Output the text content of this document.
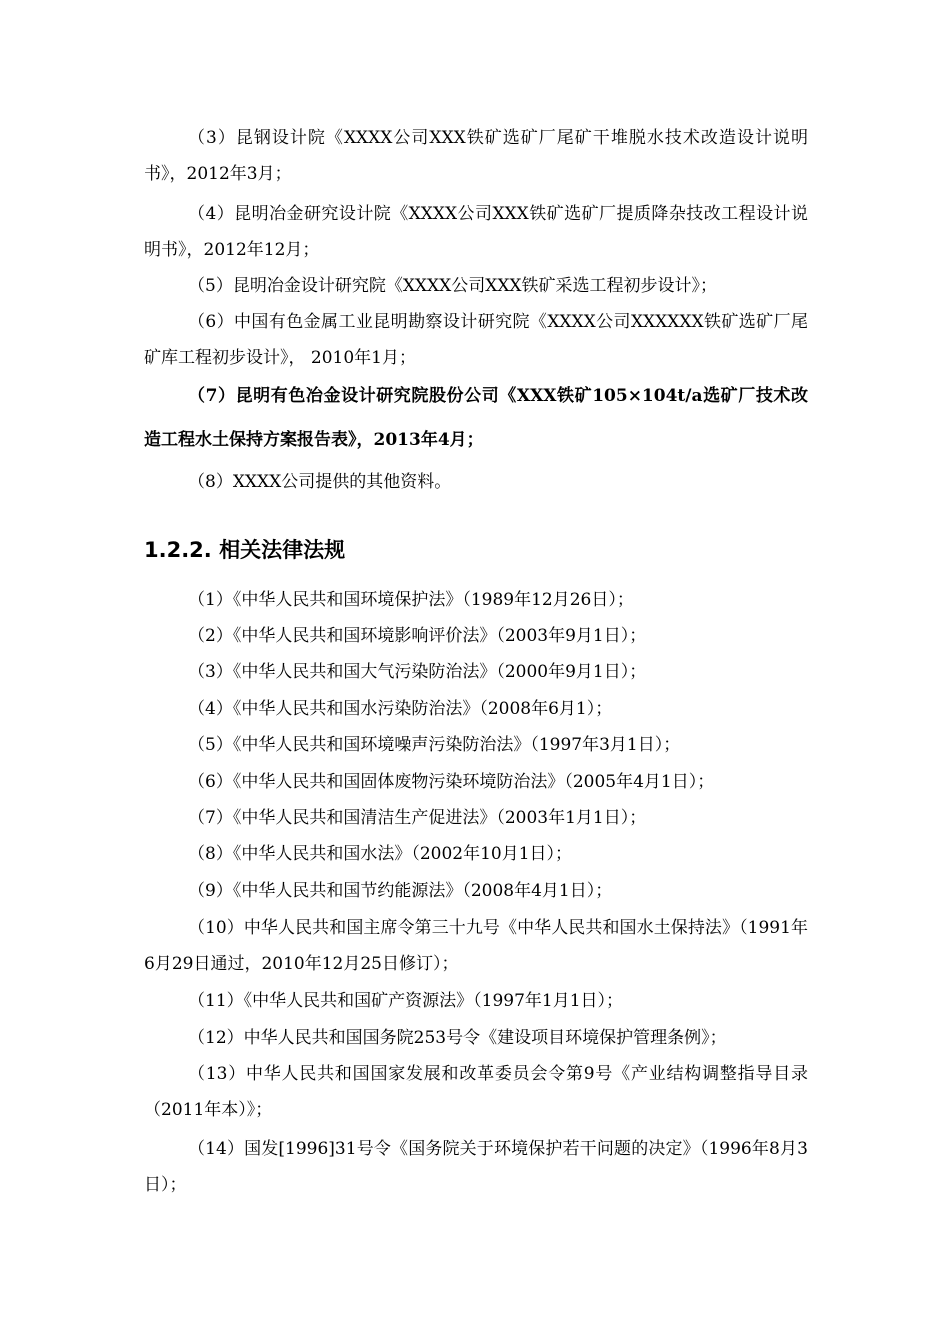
（3）昆钢设计院《XXXX公司XXX铁矿选矿厂尾矿干堆脱水技术改造设计说明书》，2012年3月；
（4）昆明冶金研究设计院《XXXX公司XXX铁矿选矿厂提质降杂技改工程设计说明书》，2012年12月；
（5）昆明冶金设计研究院《XXXX公司XXX铁矿采选工程初步设计》；
（6）中国有色金属工业昆明勘察设计研究院《XXXX公司XXXXXX铁矿选矿厂尾矿库工程初步设计》， 2010年1月；
（7）昆明有色冶金设计研究院股份公司《XXX铁矿105×104t/a选矿厂技术改造工程水土保持方案报告表》，2013年4月；
（8）XXXX公司提供的其他资料。
1.2.2. 相关法律法规
（1）《中华人民共和国环境保护法》（1989年12月26日）；
（2）《中华人民共和国环境影响评价法》（2003年9月1日）；
（3）《中华人民共和国大气污染防治法》（2000年9月1日）；
（4）《中华人民共和国水污染防治法》（2008年6月1）；
（5）《中华人民共和国环境噪声污染防治法》（1997年3月1日）；
（6）《中华人民共和国固体废物污染环境防治法》（2005年4月1日）；
（7）《中华人民共和国清洁生产促进法》（2003年1月1日）；
（8）《中华人民共和国水法》（2002年10月1日）；
（9）《中华人民共和国节约能源法》（2008年4月1日）；
（10）中华人民共和国主席令第三十九号《中华人民共和国水土保持法》（1991年6月29日通过，2010年12月25日修订）；
（11）《中华人民共和国矿产资源法》（1997年1月1日）；
（12）中华人民共和国国务院253号令《建设项目环境保护管理条例》；
（13）中华人民共和国国家发展和改革委员会令第9号《产业结构调整指导目录（2011年本）》；
（14）国发[1996]31号令《国务院关于环境保护若干问题的决定》（1996年8月3日）；
